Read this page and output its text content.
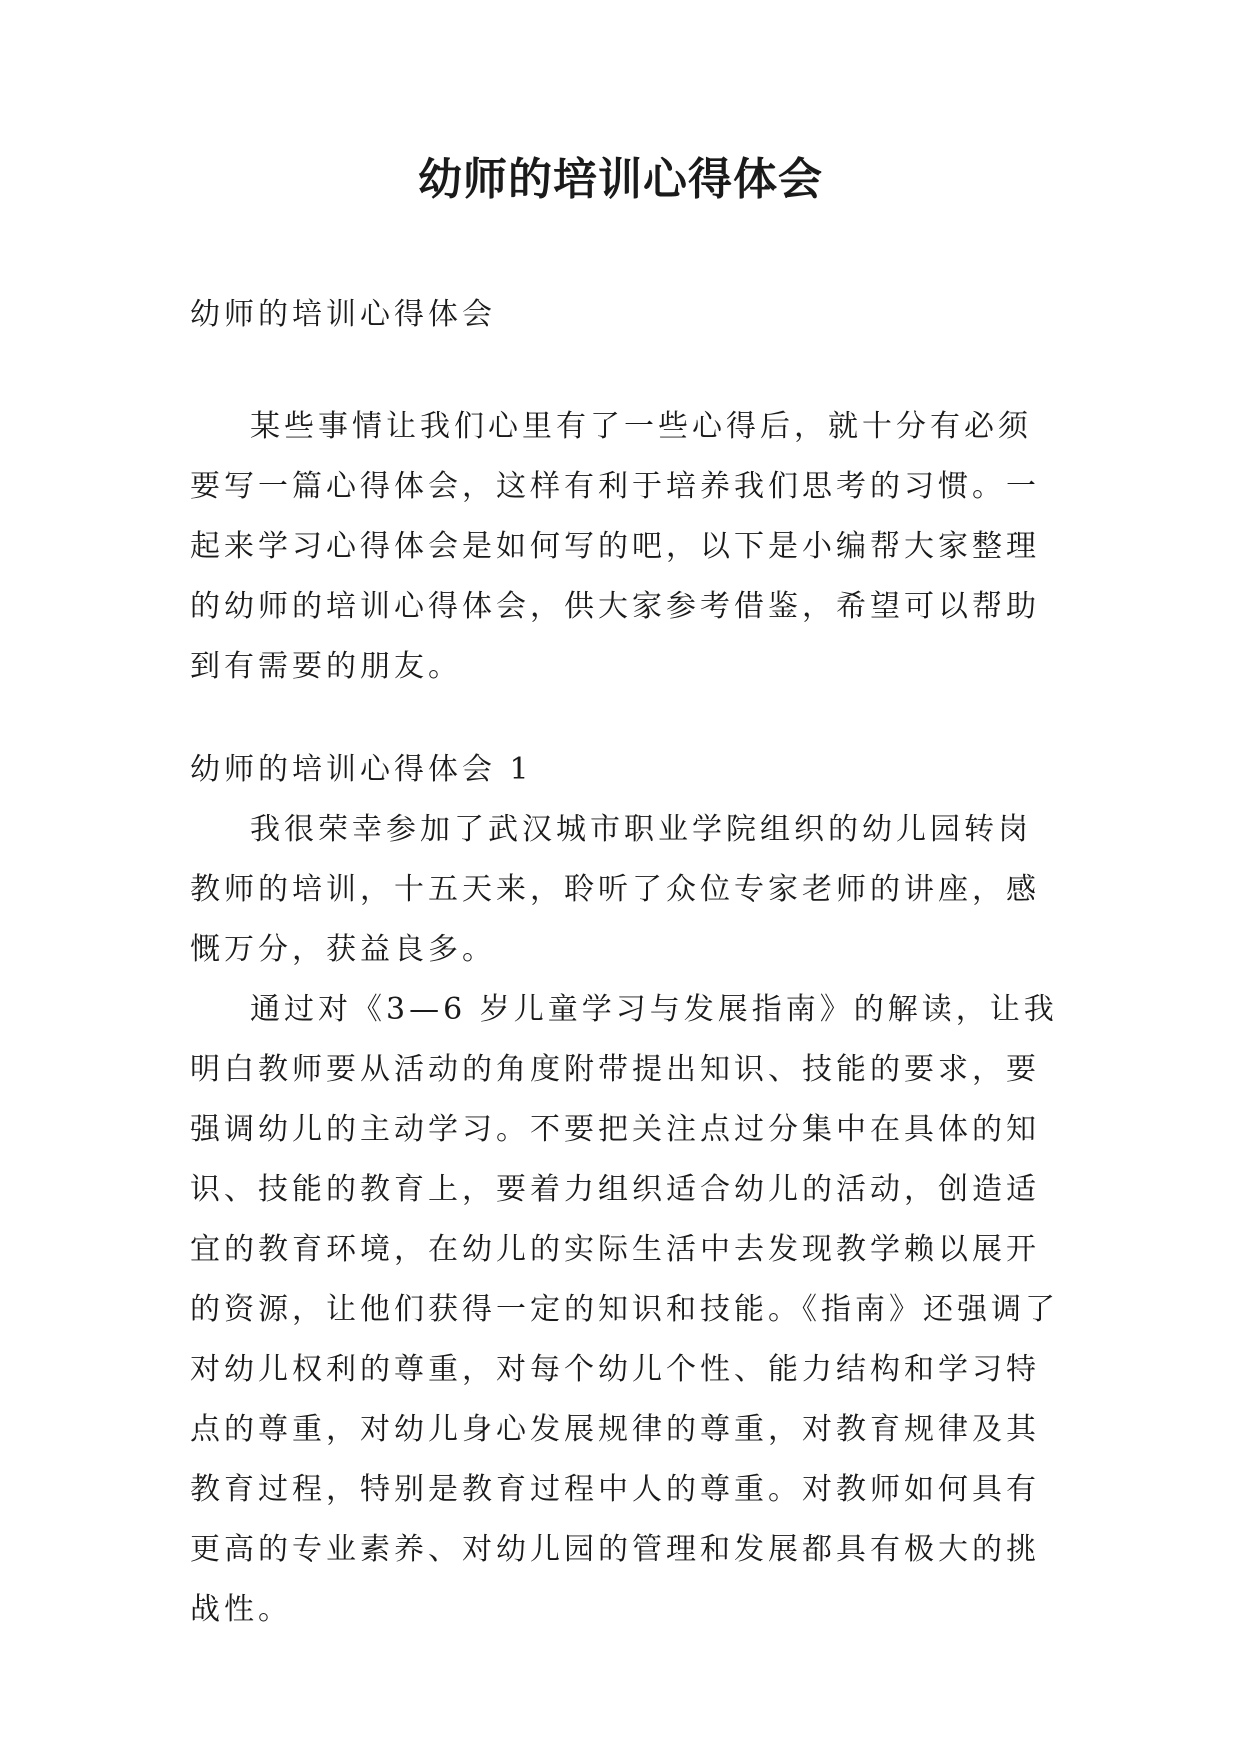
幼师的培训心得体会

幼师的培训心得体会

某些事情让我们心里有了一些心得后，就十分有必须要写一篇心得体会，这样有利于培养我们思考的习惯。一起来学习心得体会是如何写的吧，以下是小编帮大家整理的幼师的培训心得体会，供大家参考借鉴，希望可以帮助到有需要的朋友。

幼师的培训心得体会 1

我很荣幸参加了武汉城市职业学院组织的幼儿园转岗教师的培训，十五天来，聆听了众位专家老师的讲座，感慨万分，获益良多。

通过对《3—6 岁儿童学习与发展指南》的解读，让我明白教师要从活动的角度附带提出知识、技能的要求，要强调幼儿的主动学习。不要把关注点过分集中在具体的知识、技能的教育上，要着力组织适合幼儿的活动，创造适宜的教育环境，在幼儿的实际生活中去发现教学赖以展开的资源，让他们获得一定的知识和技能。《指南》还强调了对幼儿权利的尊重，对每个幼儿个性、能力结构和学习特点的尊重，对幼儿身心发展规律的尊重，对教育规律及其教育过程，特别是教育过程中人的尊重。对教师如何具有更高的专业素养、对幼儿园的管理和发展都具有极大的挑战性。
